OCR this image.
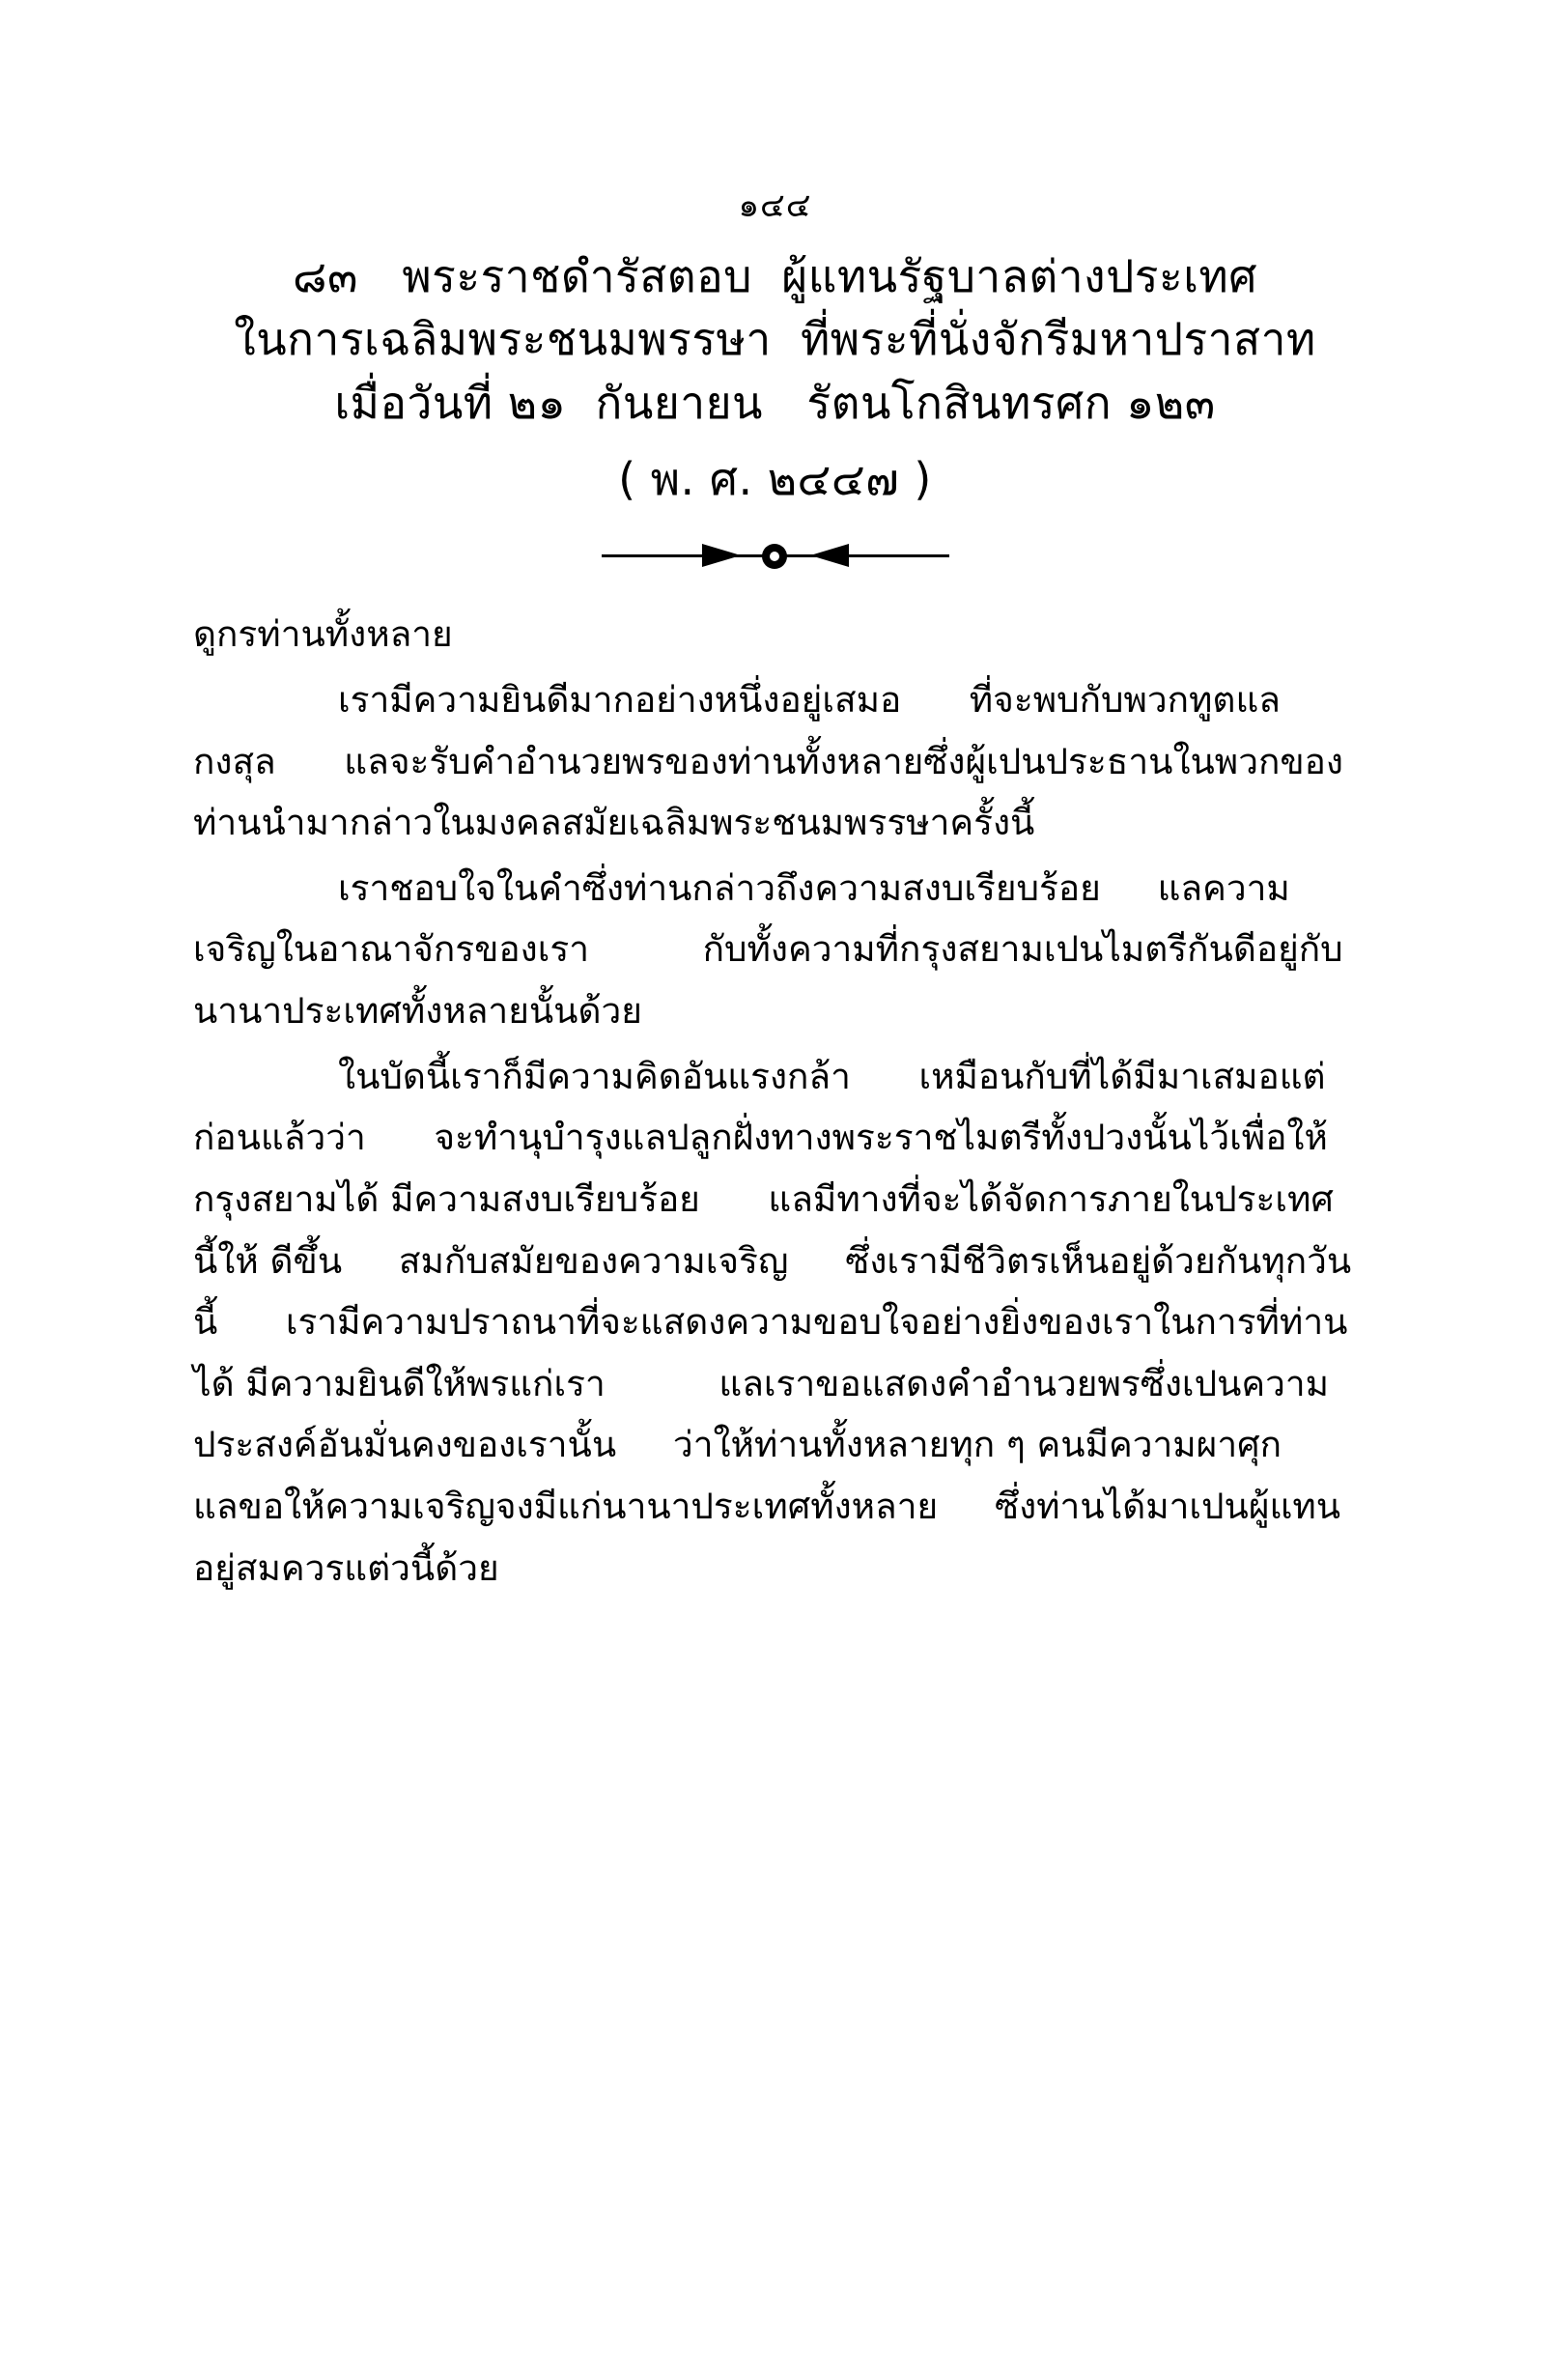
๑๔๔
๘๓   พระราชดำรัสตอบ  ผู้แทนรัฐบาลต่างประเทศ
ในการเฉลิมพระชนมพรรษา  ที่พระที่นั่งจักรีมหาปราสาท
เมื่อวันที่ ๒๑  กันยายน   รัตนโกสินทรศก ๑๒๓
( พ. ศ. ๒๔๔๗ )

ดูกรท่านทั้งหลาย

เรามีความยินดีมากอย่างหนึ่งอยู่เสมอ      ที่จะพบกับพวกทูตแลกงสุล      แลจะรับคำอำนวยพรของท่านทั้งหลายซึ่งผู้เปนประธานในพวกของท่านนำมากล่าวในมงคลสมัยเฉลิมพระชนมพรรษาครั้งนี้

เราชอบใจในคำซึ่งท่านกล่าวถึงความสงบเรียบร้อย     แลความเจริญในอาณาจักรของเรา          กับทั้งความที่กรุงสยามเปนไมตรีกันดีอยู่กับนานาประเทศทั้งหลายนั้นด้วย

ในบัดนี้เราก็มีความคิดอันแรงกล้า      เหมือนกับที่ได้มีมาเสมอแต่ก่อนแล้วว่า      จะทำนุบำรุงแลปลูกฝั่งทางพระราชไมตรีทั้งปวงนั้นไว้เพื่อให้กรุงสยามได้ มีความสงบเรียบร้อย      แลมีทางที่จะได้จัดการภายในประเทศนี้ให้ ดีขึ้น     สมกับสมัยของความเจริญ     ซึ่งเรามีชีวิตรเห็นอยู่ด้วยกันทุกวันนี้      เรามีความปราถนาที่จะแสดงความขอบใจอย่างยิ่งของเราในการที่ท่านได้ มีความยินดีให้พรแก่เรา          แลเราขอแสดงคำอำนวยพรซึ่งเปนความประสงค์อันมั่นคงของเรานั้น     ว่าให้ท่านทั้งหลายทุก ๆ คนมีความผาศุก        แลขอให้ความเจริญจงมีแก่นานาประเทศทั้งหลาย     ซึ่งท่านได้มาเปนผู้แทนอยู่สมควรแต่วนี้ด้วย
